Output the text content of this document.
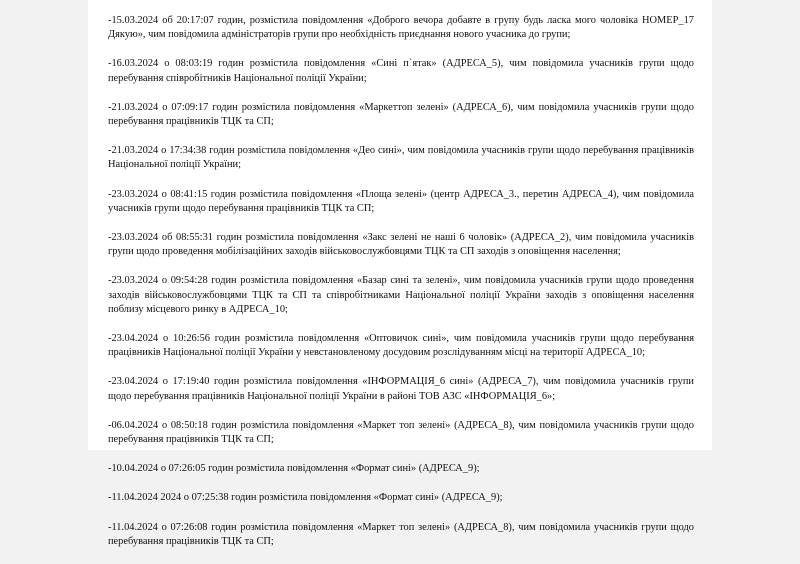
-15.03.2024 об 20:17:07 годин, розмістила повідомлення «Доброго вечора добавте в групу будь ласка мого чоловіка НОМЕР_17 Дякую», чим повідомила адміністраторів групи про необхідність приєднання нового учасника до групи;

-16.03.2024 о 08:03:19 годин розмістила повідомлення «Сині п`ятак» (АДРЕСА_5), чим повідомила учасників групи щодо перебування співробітників Національної поліції України;

-21.03.2024 о 07:09:17 годин розмістила повідомлення «Маркеттоп зелені» (АДРЕСА_6), чим повідомила учасників групи щодо перебування працівників ТЦК та СП;

-21.03.2024 о 17:34:38 годин розмістила повідомлення «Део сині», чим повідомила учасників групи щодо перебування працівників Національної поліції України;

-23.03.2024 о 08:41:15 годин розмістила повідомлення «Площа зелені» (центр АДРЕСА_3., перетин АДРЕСА_4), чим повідомила учасників групи щодо перебування працівників ТЦК та СП;

-23.03.2024 об 08:55:31 годин розмістила повідомлення «Закс зелені не наші 6 чоловік» (АДРЕСА_2), чим повідомила учасників групи щодо проведення мобілізаційних заходів військовослужбовцями ТЦК та СП заходів з оповіщення населення;

-23.03.2024 о 09:54:28 годин розмістила повідомлення «Базар сині та зелені», чим повідомила учасників групи щодо проведення заходів військовослужбовцями ТЦК та СП та співробітниками Національної поліції України заходів з оповіщення населення поблизу місцевого ринку в АДРЕСА_10;

-23.04.2024 о 10:26:56 годин розмістила повідомлення «Оптовичок сині», чим повідомила учасників групи щодо перебування працівників Національної поліції України у невстановленому досудовим розслідуванням місці на території АДРЕСА_10;

-23.04.2024 о 17:19:40 годин розмістила повідомлення «ІНФОРМАЦІЯ_6 сині» (АДРЕСА_7), чим повідомила учасників групи щодо перебування працівників Національної поліції України в районі ТОВ АЗС «ІНФОРМАЦІЯ_6»;

-06.04.2024 о 08:50:18 годин розмістила повідомлення «Маркет топ зелені» (АДРЕСА_8), чим повідомила учасників групи щодо перебування працівників ТЦК та СП;

-10.04.2024 о 07:26:05 годин розмістила повідомлення «Формат сині» (АДРЕСА_9);

-11.04.2024 2024 о 07:25:38 годин розмістила повідомлення «Формат сині» (АДРЕСА_9);

-11.04.2024 о 07:26:08 годин розмістила повідомлення «Маркет топ зелені» (АДРЕСА_8), чим повідомила учасників групи щодо перебування працівників ТЦК та СП;
